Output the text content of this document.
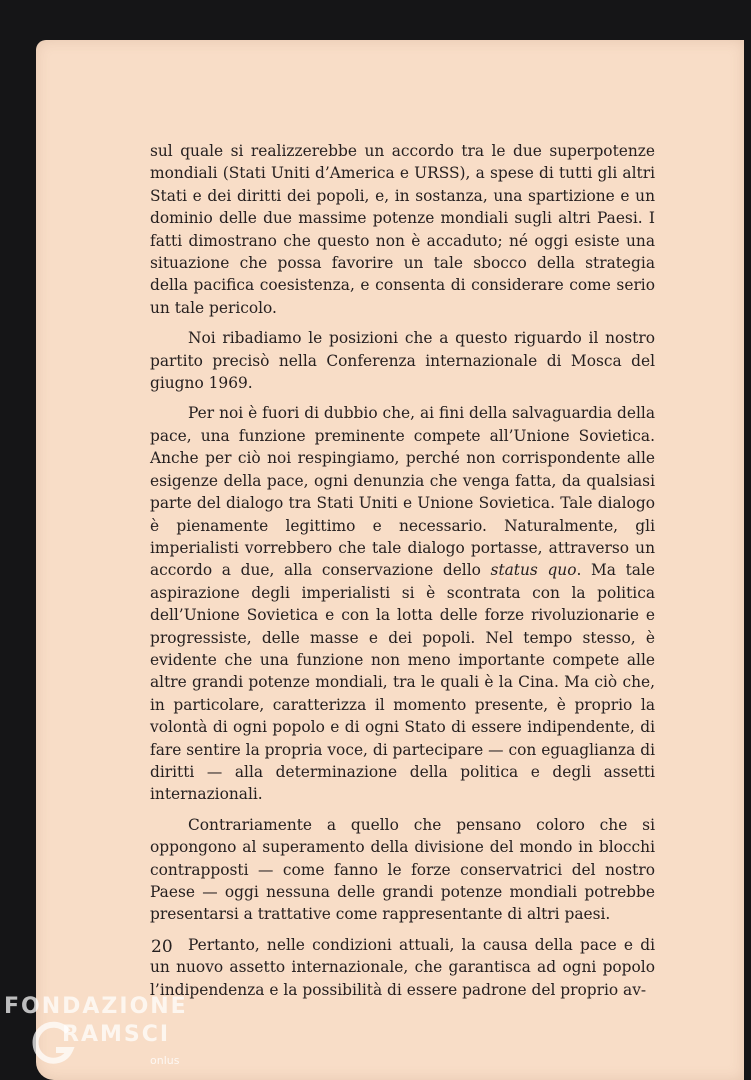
sul quale si realizzerebbe un accordo tra le due superpotenze mondiali (Stati Uniti d’America e URSS), a spese di tutti gli altri Stati e dei diritti dei popoli, e, in sostanza, una spartizione e un dominio delle due massime potenze mondiali sugli altri Paesi. I fatti dimostrano che questo non è accaduto; né oggi esiste una situazione che possa favorire un tale sbocco della strategia della pacifica coesistenza, e consenta di considerare come serio un tale pericolo.

Noi ribadiamo le posizioni che a questo riguardo il nostro partito precisò nella Conferenza internazionale di Mosca del giugno 1969.

Per noi è fuori di dubbio che, ai fini della salvaguardia della pace, una funzione preminente compete all’Unione Sovietica. Anche per ciò noi respingiamo, perché non corrispondente alle esigenze della pace, ogni denunzia che venga fatta, da qualsiasi parte del dialogo tra Stati Uniti e Unione Sovietica. Tale dialogo è pienamente legittimo e necessario. Naturalmente, gli imperialisti vorrebbero che tale dialogo portasse, attraverso un accordo a due, alla conservazione dello status quo. Ma tale aspirazione degli imperialisti si è scontrata con la politica dell’Unione Sovietica e con la lotta delle forze rivoluzionarie e progressiste, delle masse e dei popoli. Nel tempo stesso, è evidente che una funzione non meno importante compete alle altre grandi potenze mondiali, tra le quali è la Cina. Ma ciò che, in particolare, caratterizza il momento presente, è proprio la volontà di ogni popolo e di ogni Stato di essere indipendente, di fare sentire la propria voce, di partecipare — con eguaglianza di diritti — alla determinazione della politica e degli assetti internazionali.

Contrariamente a quello che pensano coloro che si oppongono al superamento della divisione del mondo in blocchi contrapposti — come fanno le forze conservatrici del nostro Paese — oggi nessuna delle grandi potenze mondiali potrebbe presentarsi a trattative come rappresentante di altri paesi.

Pertanto, nelle condizioni attuali, la causa della pace e di un nuovo assetto internazionale, che garantisca ad ogni popolo l’indipendenza e la possibilità di essere padrone del proprio av-

20
FONDAZIONE
RAMSCI
onlus
